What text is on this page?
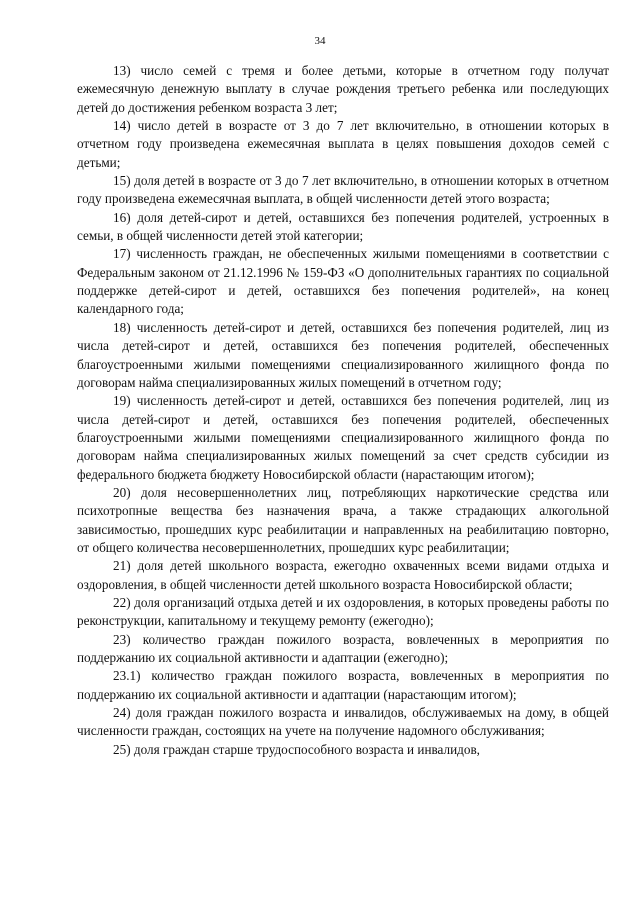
34

13) число семей с тремя и более детьми, которые в отчетном году получат ежемесячную денежную выплату в случае рождения третьего ребенка или последующих детей до достижения ребенком возраста 3 лет;

14) число детей в возрасте от 3 до 7 лет включительно, в отношении которых в отчетном году произведена ежемесячная выплата в целях повышения доходов семей с детьми;

15) доля детей в возрасте от 3 до 7 лет включительно, в отношении которых в отчетном году произведена ежемесячная выплата, в общей численности детей этого возраста;

16) доля детей-сирот и детей, оставшихся без попечения родителей, устроенных в семьи, в общей численности детей этой категории;

17) численность граждан, не обеспеченных жилыми помещениями в соответствии с Федеральным законом от 21.12.1996 № 159-ФЗ «О дополнительных гарантиях по социальной поддержке детей-сирот и детей, оставшихся без попечения родителей», на конец календарного года;

18) численность детей-сирот и детей, оставшихся без попечения родителей, лиц из числа детей-сирот и детей, оставшихся без попечения родителей, обеспеченных благоустроенными жилыми помещениями специализированного жилищного фонда по договорам найма специализированных жилых помещений в отчетном году;

19) численность детей-сирот и детей, оставшихся без попечения родителей, лиц из числа детей-сирот и детей, оставшихся без попечения родителей, обеспеченных благоустроенными жилыми помещениями специализированного жилищного фонда по договорам найма специализированных жилых помещений за счет средств субсидии из федерального бюджета бюджету Новосибирской области (нарастающим итогом);

20) доля несовершеннолетних лиц, потребляющих наркотические средства или психотропные вещества без назначения врача, а также страдающих алкогольной зависимостью, прошедших курс реабилитации и направленных на реабилитацию повторно, от общего количества несовершеннолетних, прошедших курс реабилитации;

21) доля детей школьного возраста, ежегодно охваченных всеми видами отдыха и оздоровления, в общей численности детей школьного возраста Новосибирской области;

22) доля организаций отдыха детей и их оздоровления, в которых проведены работы по реконструкции, капитальному и текущему ремонту (ежегодно);

23) количество граждан пожилого возраста, вовлеченных в мероприятия по поддержанию их социальной активности и адаптации (ежегодно);

23.1) количество граждан пожилого возраста, вовлеченных в мероприятия по поддержанию их социальной активности и адаптации (нарастающим итогом);

24) доля граждан пожилого возраста и инвалидов, обслуживаемых на дому, в общей численности граждан, состоящих на учете на получение надомного обслуживания;

25) доля граждан старше трудоспособного возраста и инвалидов,
